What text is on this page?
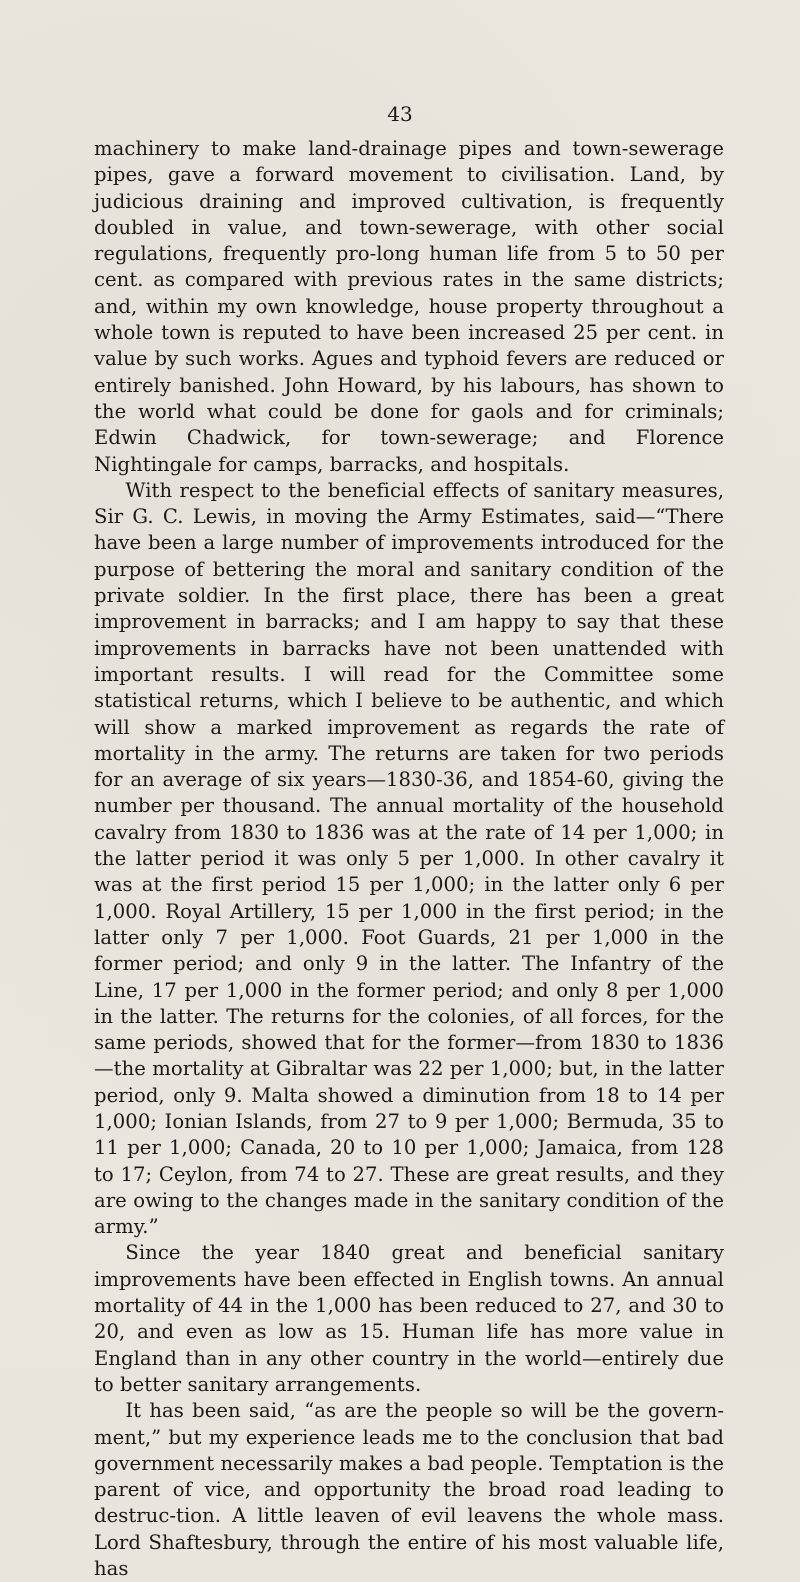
43

machinery to make land-drainage pipes and town-sewerage pipes, gave a forward movement to civilisation. Land, by judicious draining and improved cultivation, is frequently doubled in value, and town-sewerage, with other social regulations, frequently pro-long human life from 5 to 50 per cent. as compared with previous rates in the same districts; and, within my own knowledge, house property throughout a whole town is reputed to have been increased 25 per cent. in value by such works. Agues and typhoid fevers are reduced or entirely banished. John Howard, by his labours, has shown to the world what could be done for gaols and for criminals; Edwin Chadwick, for town-sewerage; and Florence Nightingale for camps, barracks, and hospitals.

With respect to the beneficial effects of sanitary measures, Sir G. C. Lewis, in moving the Army Estimates, said—“There have been a large number of improvements introduced for the purpose of bettering the moral and sanitary condition of the private soldier. In the first place, there has been a great improvement in barracks; and I am happy to say that these improvements in barracks have not been unattended with important results. I will read for the Committee some statistical returns, which I believe to be authentic, and which will show a marked improvement as regards the rate of mortality in the army. The returns are taken for two periods for an average of six years—1830-36, and 1854-60, giving the number per thousand. The annual mortality of the household cavalry from 1830 to 1836 was at the rate of 14 per 1,000; in the latter period it was only 5 per 1,000. In other cavalry it was at the first period 15 per 1,000; in the latter only 6 per 1,000. Royal Artillery, 15 per 1,000 in the first period; in the latter only 7 per 1,000. Foot Guards, 21 per 1,000 in the former period; and only 9 in the latter. The Infantry of the Line, 17 per 1,000 in the former period; and only 8 per 1,000 in the latter. The returns for the colonies, of all forces, for the same periods, showed that for the former—from 1830 to 1836—the mortality at Gibraltar was 22 per 1,000; but, in the latter period, only 9. Malta showed a diminution from 18 to 14 per 1,000; Ionian Islands, from 27 to 9 per 1,000; Bermuda, 35 to 11 per 1,000; Canada, 20 to 10 per 1,000; Jamaica, from 128 to 17; Ceylon, from 74 to 27. These are great results, and they are owing to the changes made in the sanitary condition of the army.”

Since the year 1840 great and beneficial sanitary improvements have been effected in English towns. An annual mortality of 44 in the 1,000 has been reduced to 27, and 30 to 20, and even as low as 15. Human life has more value in England than in any other country in the world—entirely due to better sanitary arrangements.

It has been said, “as are the people so will be the govern-ment,” but my experience leads me to the conclusion that bad government necessarily makes a bad people. Temptation is the parent of vice, and opportunity the broad road leading to destruc-tion. A little leaven of evil leavens the whole mass. Lord Shaftesbury, through the entire of his most valuable life, has
